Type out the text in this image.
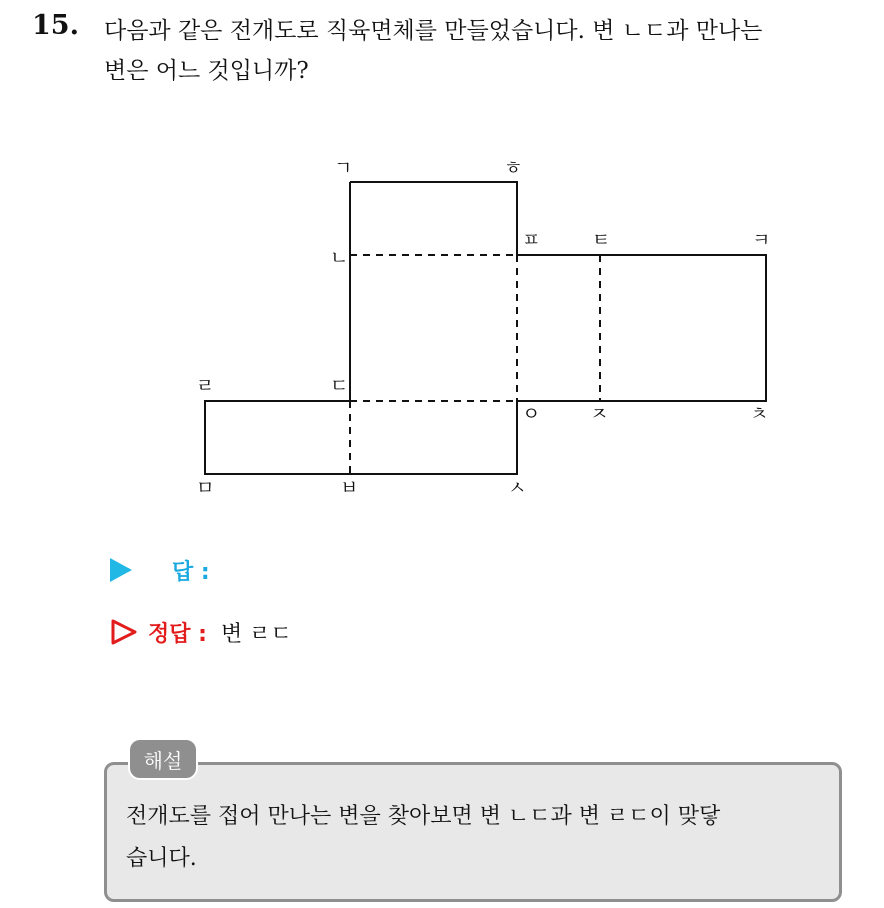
15. 다음과 같은 전개도로 직육면체를 만들었습니다. 변 ㄴㄷ과 만나는
변은 어느 것입니까?
ㄱ	ㅎ
ㄴ
ㅍ	ㅌ	ㅋ
ㄹ	ㄷ
ㅇ	ㅈ	ㅊ
ㅁ	ㅂ	ㅅ
답 :
정답 : 변 ㄹㄷ
해설
전개도를 접어 만나는 변을 찾아보면 변 ㄴㄷ과 변 ㄹㄷ이 맞닿
습니다.
